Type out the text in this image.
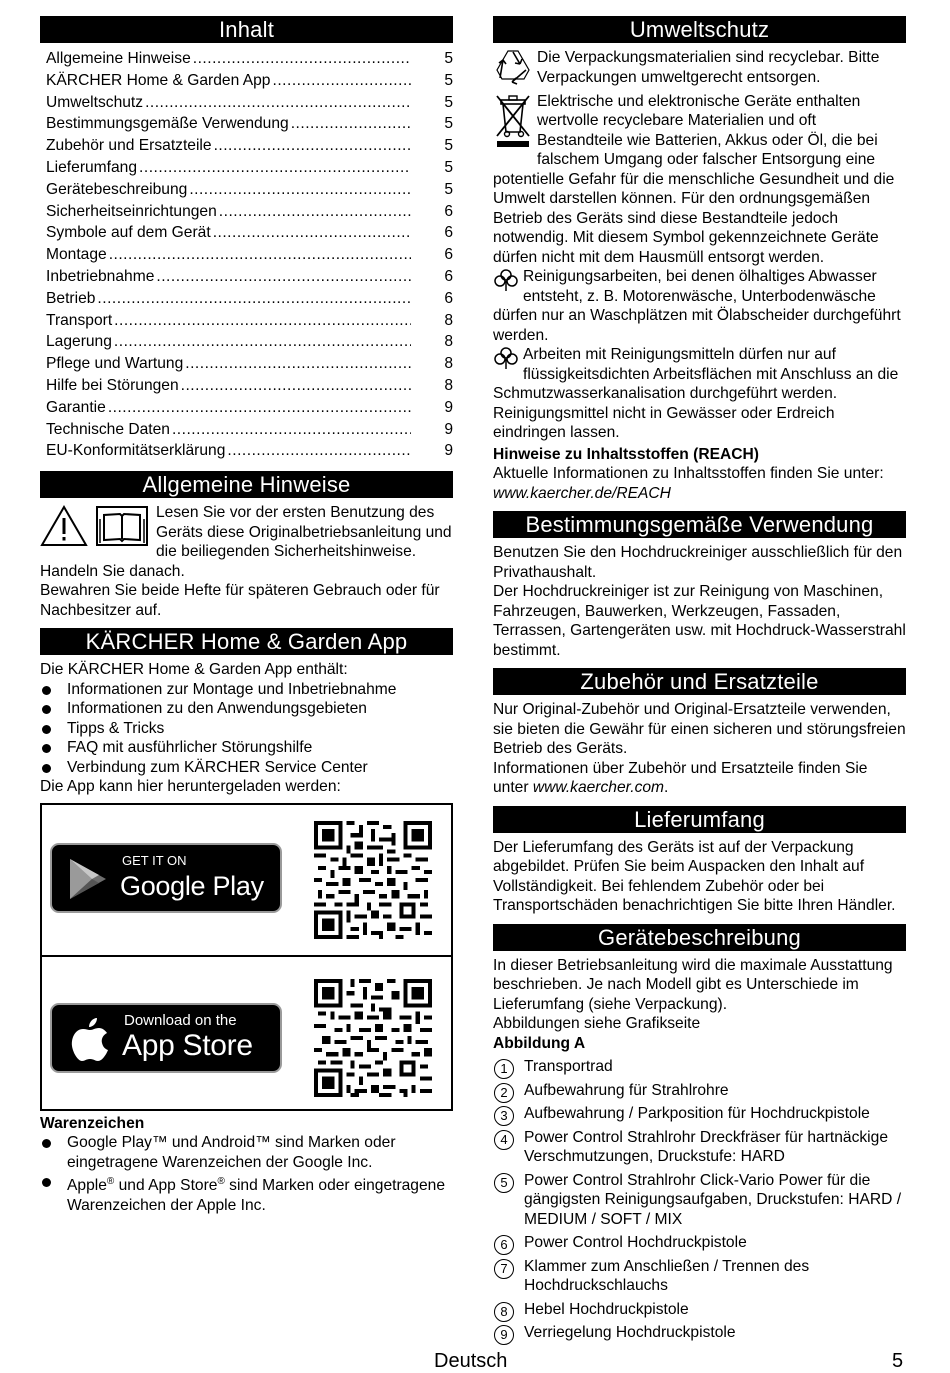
Inhalt
Allgemeine Hinweise .....	5
KÄRCHER Home & Garden App .....	5
Umweltschutz .....	5
Bestimmungsgemäße Verwendung .....	5
Zubehör und Ersatzteile .....	5
Lieferumfang .....	5
Gerätebeschreibung .....	5
Sicherheitseinrichtungen .....	6
Symbole auf dem Gerät .....	6
Montage .....	6
Inbetriebnahme .....	6
Betrieb .....	6
Transport .....	8
Lagerung .....	8
Pflege und Wartung .....	8
Hilfe bei Störungen .....	8
Garantie .....	9
Technische Daten .....	9
EU-Konformitätserklärung .....	9
Allgemeine Hinweise

Lesen Sie vor der ersten Benutzung des Geräts diese Originalbetriebsanleitung und die beiliegenden Sicherheitshinweise. Handeln Sie danach.

Bewahren Sie beide Hefte für späteren Gebrauch oder für Nachbesitzer auf.

KÄRCHER Home & Garden App

Die KÄRCHER Home & Garden App enthält:

Informationen zur Montage und Inbetriebnahme
Informationen zu den Anwendungsgebieten
Tipps & Tricks
FAQ mit ausführlicher Störungshilfe
Verbindung zum KÄRCHER Service Center

Die App kann hier heruntergeladen werden:

GET IT ON
Google Play
Download on the
App Store

Warenzeichen

Google Play™ und Android™ sind Marken oder eingetragene Warenzeichen der Google Inc.
Apple® und App Store® sind Marken oder eingetragene Warenzeichen der Apple Inc.
Umweltschutz

Die Verpackungsmaterialien sind recyclebar. Bitte Verpackungen umweltgerecht entsorgen.

Elektrische und elektronische Geräte enthalten wertvolle recyclebare Materialien und oft Bestandteile wie Batterien, Akkus oder Öl, die bei falschem Umgang oder falscher Entsorgung eine potentielle Gefahr für die menschliche Gesundheit und die Umwelt darstellen können. Für den ordnungsgemäßen Betrieb des Geräts sind diese Bestandteile jedoch notwendig. Mit diesem Symbol gekennzeichnete Geräte dürfen nicht mit dem Hausmüll entsorgt werden.

Reinigungsarbeiten, bei denen ölhaltiges Abwasser entsteht, z. B. Motorenwäsche, Unterbodenwäsche dürfen nur an Waschplätzen mit Ölabscheider durchgeführt werden.

Arbeiten mit Reinigungsmitteln dürfen nur auf flüssigkeitsdichten Arbeitsflächen mit Anschluss an die Schmutzwasserkanalisation durchgeführt werden. Reinigungsmittel nicht in Gewässer oder Erdreich eindringen lassen.

Hinweise zu Inhaltsstoffen (REACH)

Aktuelle Informationen zu Inhaltsstoffen finden Sie unter: www.kaercher.de/REACH

Bestimmungsgemäße Verwendung

Benutzen Sie den Hochdruckreiniger ausschließlich für den Privathaushalt.

Der Hochdruckreiniger ist zur Reinigung von Maschinen, Fahrzeugen, Bauwerken, Werkzeugen, Fassaden, Terrassen, Gartengeräten usw. mit Hochdruck-Wasserstrahl bestimmt.

Zubehör und Ersatzteile

Nur Original-Zubehör und Original-Ersatzteile verwenden, sie bieten die Gewähr für einen sicheren und störungsfreien Betrieb des Geräts.

Informationen über Zubehör und Ersatzteile finden Sie unter www.kaercher.com.

Lieferumfang

Der Lieferumfang des Geräts ist auf der Verpackung abgebildet. Prüfen Sie beim Auspacken den Inhalt auf Vollständigkeit. Bei fehlendem Zubehör oder bei Transportschäden benachrichtigen Sie bitte Ihren Händler.

Gerätebeschreibung

In dieser Betriebsanleitung wird die maximale Ausstattung beschrieben. Je nach Modell gibt es Unterschiede im Lieferumfang (siehe Verpackung).

Abbildungen siehe Grafikseite

Abbildung A

1	Transportrad
2	Aufbewahrung für Strahlrohre
3	Aufbewahrung / Parkposition für Hochdruckpistole
4	Power Control Strahlrohr Dreckfräser für hartnäckige Verschmutzungen, Druckstufe: HARD
5	Power Control Strahlrohr Click-Vario Power für die gängigsten Reinigungsaufgaben, Druckstufen: HARD / MEDIUM / SOFT / MIX
6	Power Control Hochdruckpistole
7	Klammer zum Anschließen / Trennen des Hochdruckschlauchs
8	Hebel Hochdruckpistole
9	Verriegelung Hochdruckpistole
Deutsch	5
